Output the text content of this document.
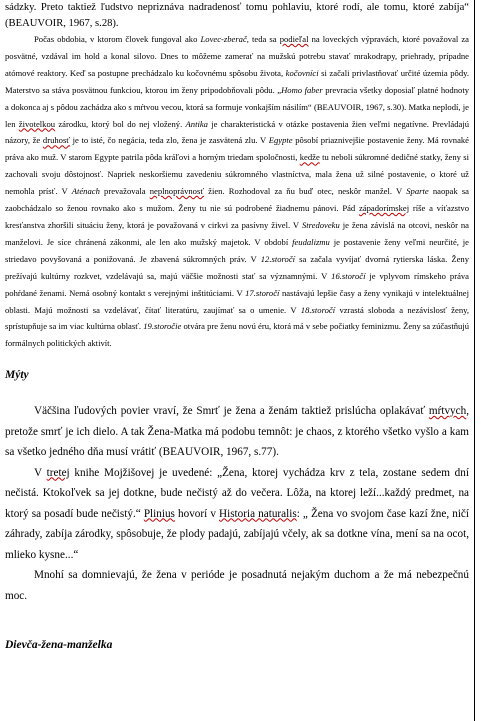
sádzky. Preto taktiež ľudstvo nepriznáva nadradenosť tomu pohlaviu, ktoré rodí, ale tomu, ktoré zabíja“ (BEAUVOIR, 1967, s.28).

Počas obdobia, v ktorom človek fungoval ako Lovec-zberač, teda sa podieľal na loveckých výpravách, ktoré považoval za posvätné, vzdával im hold a konal silovo. Dnes to môžeme zamerať na mužskú potrebu stavať mrakodrapy, priehrady, prípadne atómové reaktory. Keď sa postupne prechádzalo ku kočovnému spôsobu života, kočovníci si začali privlastňovať určité územia pôdy. Materstvo sa stáva posvätnou funkciou, ktorou im ženy pripodobňovali pôdu. „Homo faber prevracia všetky doposiaľ platné hodnoty a dokonca aj s pôdou zachádza ako s mŕtvou vecou, ktorá sa formuje vonkajším násilím“ (BEAUVOIR, 1967, s.30). Matka neplodí, je len životelkou zárodku, ktorý bol do nej vložený. Antika je charakteristická v otázke postavenia žien veľmi negatívne. Prevládajú názory, že druhosť je to isté, čo negácia, teda zlo, žena je zasvätená zlu. V Egypte pôsobí priaznivejšie postavenie ženy. Má rovnaké práva ako muž. V starom Egypte patrila pôda kráľovi a horným triedam spoločnosti, kedže tu neboli súkromné dedičné statky, ženy si zachovali svoju dôstojnosť. Napriek neskoršiemu zavedeniu súkromného vlastníctva, mala žena už silné postavenie, o ktoré už nemohla prísť. V Aténach prevažovala neplnoprávnosť žien. Rozhodoval za ňu buď otec, neskôr manžel. V Sparte naopak sa zaobchádzalo so ženou rovnako ako s mužom. Ženy tu nie sú podrobené žiadnemu pánovi. Pád západorímskej ríše a víťazstvo kresťanstva zhoršili situáciu ženy, ktorá je považovaná v cirkvi za pasívny živel. V Stredoveku je žena závislá na otcovi, neskôr na manželovi. Je síce chránená zákonmi, ale len ako mužský majetok. V období feudalizmu je postavenie ženy veľmi neurčité, je striedavo povyšovaná a ponižovaná. Je zbavená súkromných práv. V 12.storočí sa začala vyvíjať dvorná rytierska láska. Ženy prežívajú kultúrny rozkvet, vzdelávajú sa, majú väčšie možnosti stať sa významnými. V 16.storočí je vplyvom rímskeho práva pohŕdané ženami. Nemá osobný kontakt s verejnými inštitúciami. V 17.storočí nastávajú lepšie časy a ženy vynikajú v intelektuálnej oblasti. Majú možnosti sa vzdelávať, čítať literatúru, zaujímať sa o umenie. V 18.storočí vzrastá sloboda a nezávislosť ženy, sprístupňuje sa im viac kultúrna oblasť. 19.storočie otvára pre ženu novú éru, ktorá má v sebe počiatky feminizmu. Ženy sa zúčastňujú formálnych politických aktivít.

Mýty

Väčšina ľudových povier vraví, že Smrť je žena a ženám taktiež prislúcha oplakávať mŕtvych, pretože smrť je ich dielo. A tak Žena-Matka má podobu temnôt: je chaos, z ktorého všetko vyšlo a kam sa všetko jedného dňa musí vrátiť (BEAUVOIR, 1967, s.77).

V tretej knihe Mojžišovej je uvedené: „Žena, ktorej vychádza krv z tela, zostane sedem dní nečistá. Ktokoľvek sa jej dotkne, bude nečistý až do večera. Lôža, na ktorej leží...každý predmet, na ktorý sa posadí bude nečistý.“ Plinius hovorí v Historia naturalis: „ Žena vo svojom čase kazí žne, ničí záhrady, zabíja zárodky, spôsobuje, že plody padajú, zabíjajú včely, ak sa dotkne vína, mení sa na ocot, mlieko kysne...“

Mnohí sa domnievajú, že žena v perióde je posadnutá nejakým duchom a že má nebezpečnú moc.

Dievča-žena-manželka
